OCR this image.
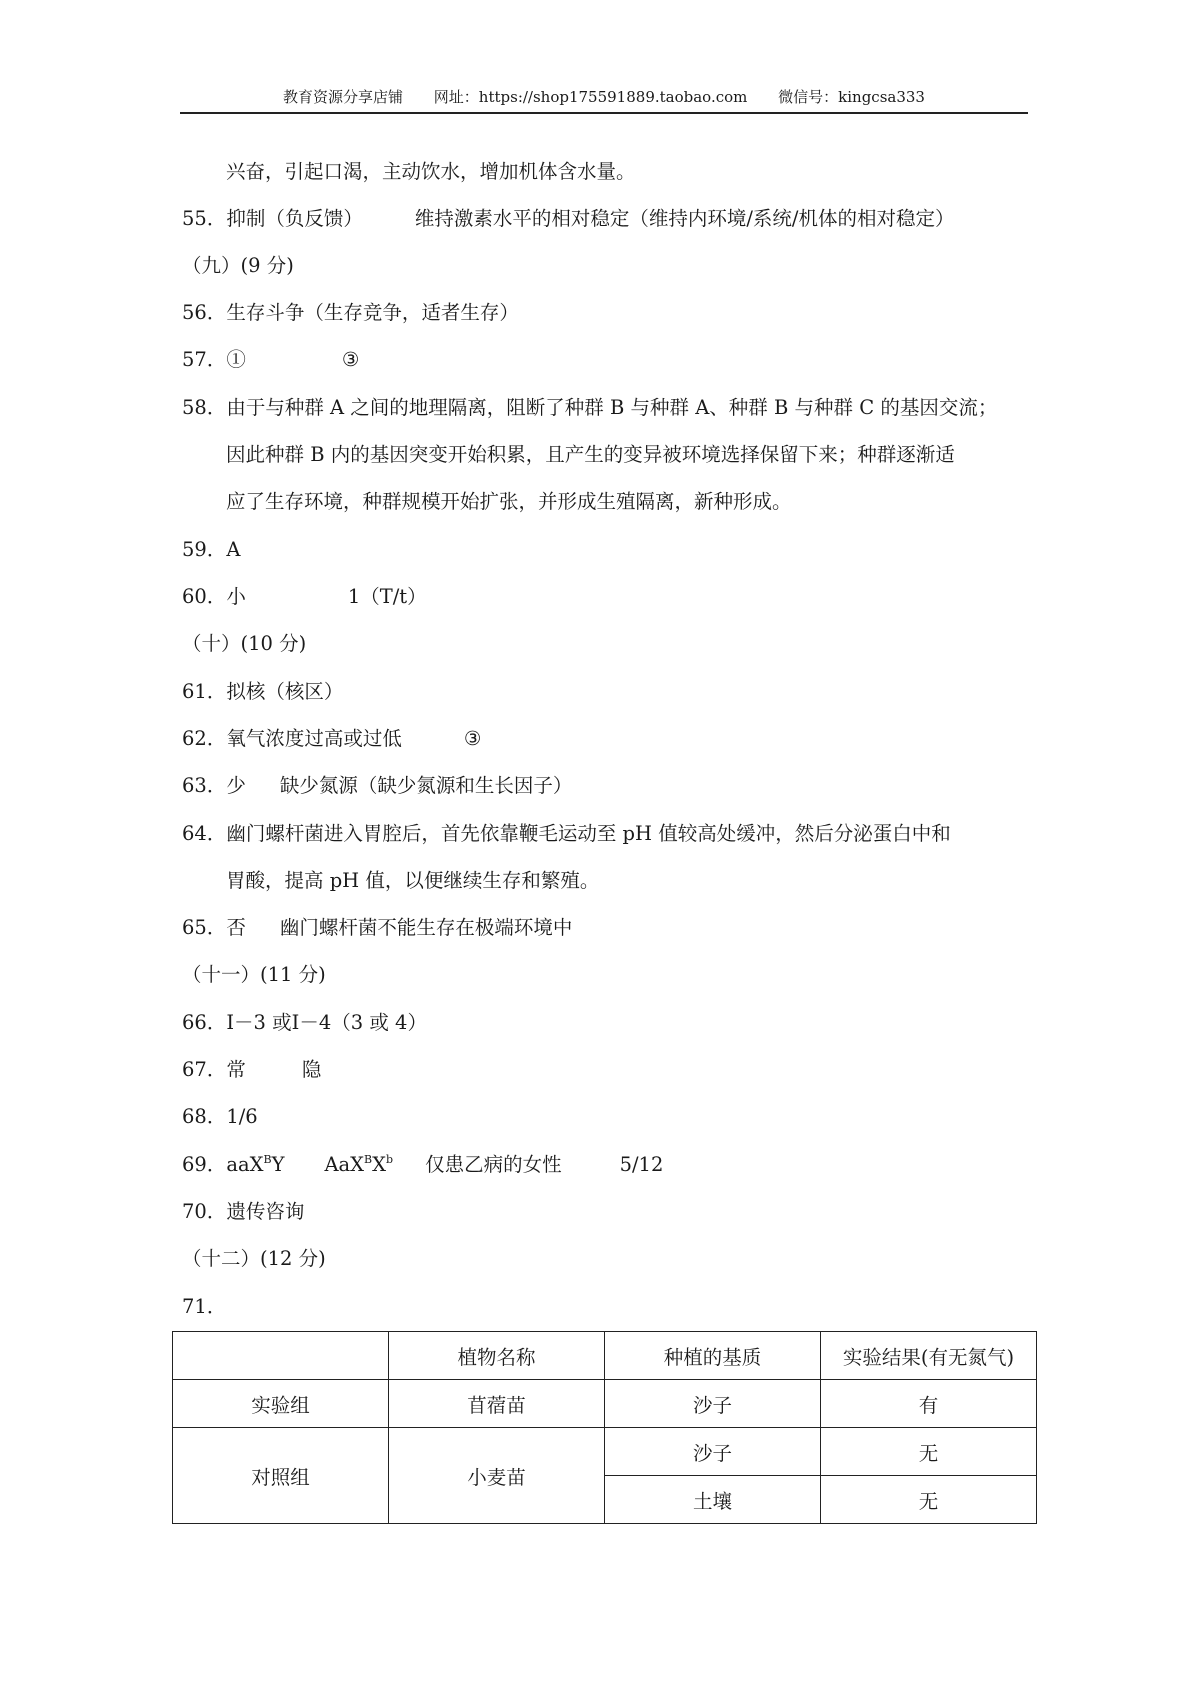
教育资源分享店铺 网址：https://shop175591889.taobao.com 微信号：kingcsa333
兴奋，引起口渴，主动饮水，增加机体含水量。
55．抑制（负反馈）	维持激素水平的相对稳定（维持内环境/系统/机体的相对稳定）
（九）(9 分)
56．生存斗争（生存竞争，适者生存）
57．①	③
58．由于与种群 A 之间的地理隔离，阻断了种群 B 与种群 A、种群 B 与种群 C 的基因交流；
因此种群 B 内的基因突变开始积累，且产生的变异被环境选择保留下来；种群逐渐适
应了生存环境，种群规模开始扩张，并形成生殖隔离，新种形成。
59．A
60．小	1（T/t）
（十）(10 分)
61．拟核（核区）
62．氧气浓度过高或过低	③
63．少 缺少氮源（缺少氮源和生长因子）
64．幽门螺杆菌进入胃腔后，首先依靠鞭毛运动至 pH 值较高处缓冲，然后分泌蛋白中和
胃酸，提高 pH 值，以便继续生存和繁殖。
65．否 幽门螺杆菌不能生存在极端环境中
（十一）(11 分)
66．Ⅰ－3 或Ⅰ－4（3 或 4）
67．常	隐
68．1/6
69．aaX$^B$Y $AaX^BX^b$ 仅患乙病的女性	5/12
70．遗传咨询
（十二）(12 分)
71．
	植物名称	种植的基质	实验结果(有无氮气)
实验组	苜蓿苗	沙子	有
对照组	小麦苗	沙子	无
		土壤	无
